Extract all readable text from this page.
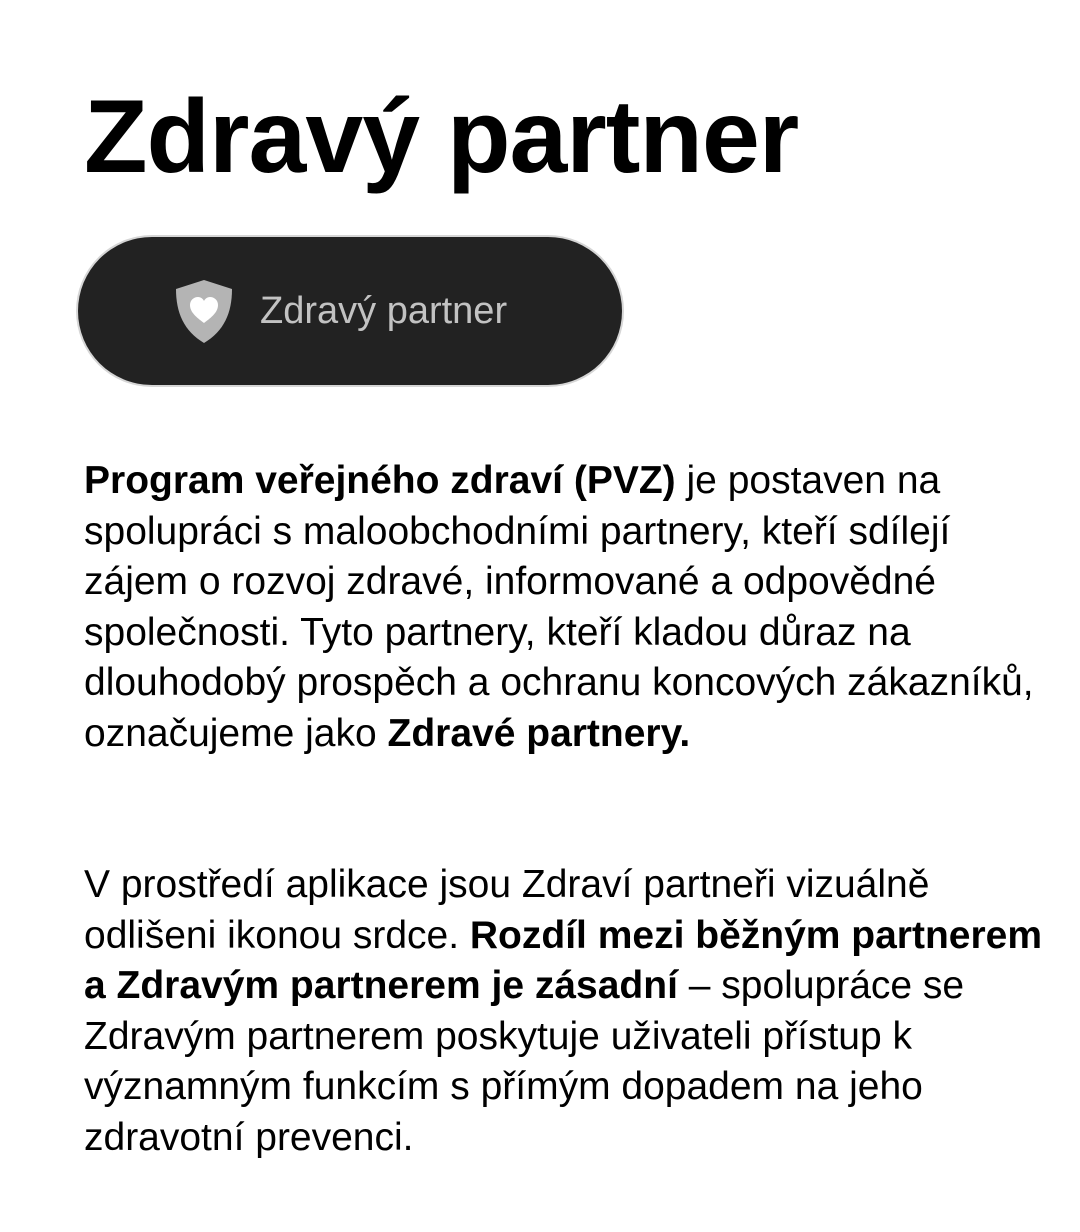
Zdravý partner
Zdravý partner

Program veřejného zdraví (PVZ) je postaven na spolupráci s maloobchodními partnery, kteří sdílejí zájem o rozvoj zdravé, informované a odpovědné společnosti. Tyto partnery, kteří kladou důraz na dlouhodobý prospěch a ochranu koncových zákazníků, označujeme jako Zdravé partnery.

V prostředí aplikace jsou Zdraví partneři vizuálně odlišeni ikonou srdce. Rozdíl mezi běžným partnerem a Zdravým partnerem je zásadní – spolupráce se Zdravým partnerem poskytuje uživateli přístup k významným funkcím s přímým dopadem na jeho zdravotní prevenci.
